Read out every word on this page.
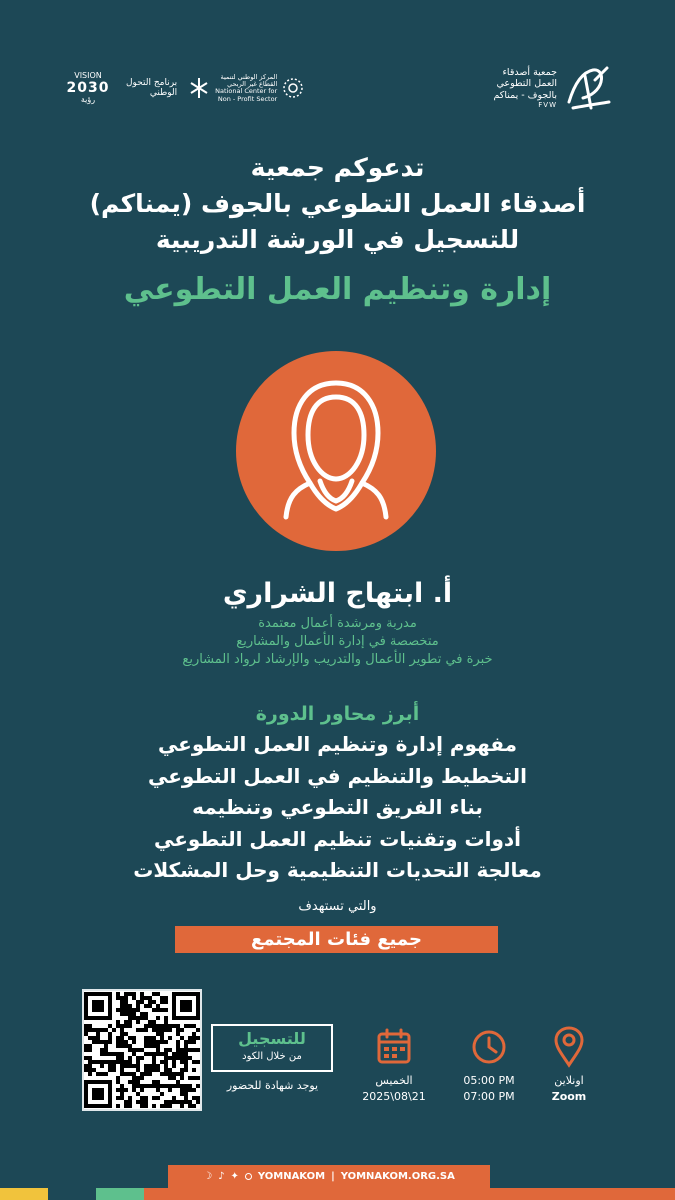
VISION
2030
رؤية
برنامج التحول
الوطني
المركز الوطني لتنمية
القطاع غير الربحي
National Center for
Non - Profit Sector
جمعية أصدقاء
العمل التطوعي
بالجوف - يمناكم
FVW
تدعوكم جمعية
أصدقاء العمل التطوعي بالجوف (يمناكم)
للتسجيل في الورشة التدريبية
إدارة وتنظيم العمل التطوعي
أ. ابتهاج الشراري
مدربة ومرشدة أعمال معتمدة
متخصصة في إدارة الأعمال والمشاريع
خبرة في تطوير الأعمال والتدريب والإرشاد لرواد المشاريع
أبرز محاور الدورة
مفهوم إدارة وتنظيم العمل التطوعي
التخطيط والتنظيم في العمل التطوعي
بناء الفريق التطوعي وتنظيمه
أدوات وتقنيات تنظيم العمل التطوعي
معالجة التحديات التنظيمية وحل المشكلات
والتي تستهدف
جميع فئات المجتمع
للتسجيل
من خلال الكود
يوجد شهادة للحضور	الخميس
2025\08\21
05:00 PM
07:00 PM
اونلاين
Zoom
☽ ♪ ✦ YOMNAKOM | YOMNAKOM.ORG.SA
